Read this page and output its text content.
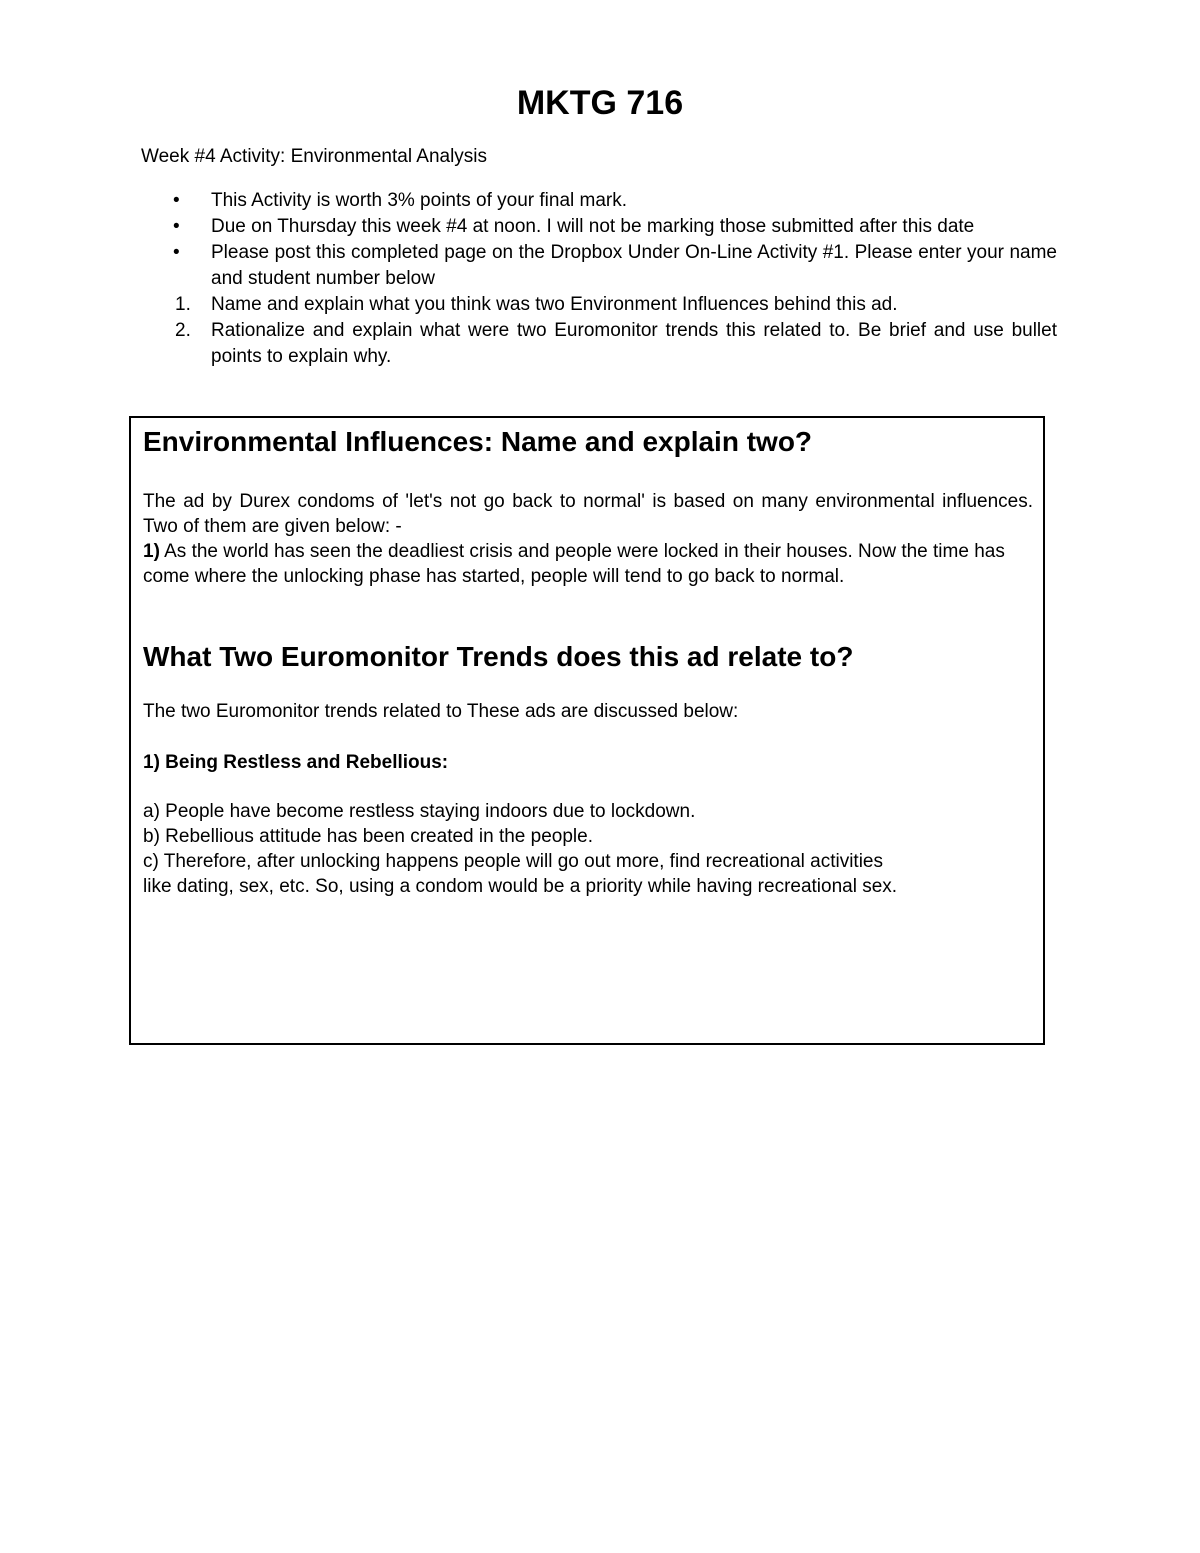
MKTG 716

Week #4 Activity: Environmental Analysis

• This Activity is worth 3% points of your final mark.
• Due on Thursday this week #4 at noon. I will not be marking those submitted after this date
• Please post this completed page on the Dropbox Under On-Line Activity #1. Please enter your name and student number below
1. Name and explain what you think was two Environment Influences behind this ad.
2. Rationalize and explain what were two Euromonitor trends this related to. Be brief and use bullet points to explain why.
Environmental Influences: Name and explain two?

The ad by Durex condoms of 'let's not go back to normal' is based on many environmental influences. Two of them are given below: -

1) As the world has seen the deadliest crisis and people were locked in their houses. Now the time has come where the unlocking phase has started, people will tend to go back to normal.

What Two Euromonitor Trends does this ad relate to?

The two Euromonitor trends related to These ads are discussed below:

1) Being Restless and Rebellious:

a) People have become restless staying indoors due to lockdown.

b) Rebellious attitude has been created in the people.

c) Therefore, after unlocking happens people will go out more, find recreational activities

like dating, sex, etc. So, using a condom would be a priority while having recreational sex.
